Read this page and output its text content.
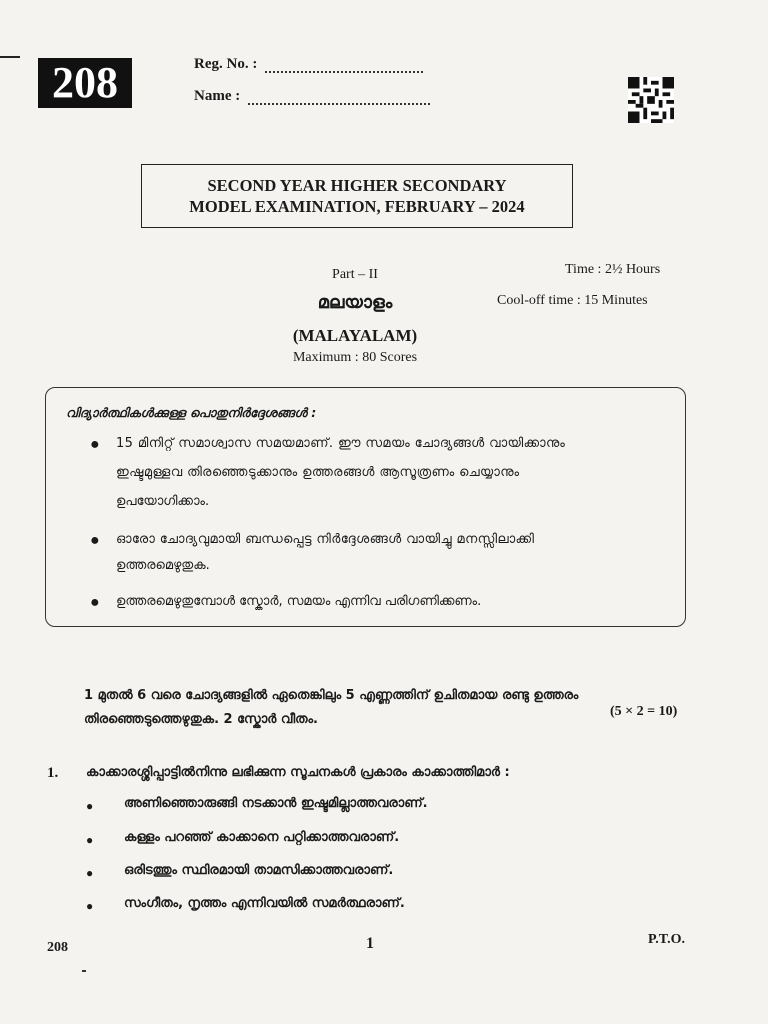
208	Reg. No. :
Name :
SECOND YEAR HIGHER SECONDARY
MODEL EXAMINATION, FEBRUARY – 2024
Part – II
മലയാളം
(MALAYALAM)
Maximum : 80 Scores
Time : 2½ Hours
Cool-off time : 15 Minutes
വിദ്യാർത്ഥികൾക്കുള്ള പൊതുനിർദ്ദേശങ്ങൾ :
● 15 മിനിറ്റ് സമാശ്വാസ സമയമാണ്. ഈ സമയം ചോദ്യങ്ങൾ വായിക്കാനും
ഇഷ്ടമുള്ളവ തിരഞ്ഞെടുക്കാനും ഉത്തരങ്ങൾ ആസൂത്രണം ചെയ്യാനും
ഉപയോഗിക്കാം.
● ഓരോ ചോദ്യവുമായി ബന്ധപ്പെട്ട നിർദ്ദേശങ്ങൾ വായിച്ചു മനസ്സിലാക്കി
ഉത്തരമെഴുതുക.
● ഉത്തരമെഴുതുമ്പോൾ സ്കോർ, സമയം എന്നിവ പരിഗണിക്കണം.
1 മുതൽ 6 വരെ ചോദ്യങ്ങളിൽ ഏതെങ്കിലും 5 എണ്ണത്തിന് ഉചിതമായ രണ്ടു ഉത്തരം
തിരഞ്ഞെടുത്തെഴുതുക. 2 സ്കോർ വീതം.
(5 × 2 = 10)
1. കാക്കാരശ്ശിപ്പാട്ടിൽനിന്നു ലഭിക്കുന്ന സൂചനകൾ പ്രകാരം കാക്കാത്തിമാർ :
● അണിഞ്ഞൊരുങ്ങി നടക്കാൻ ഇഷ്ടമില്ലാത്തവരാണ്.
● കള്ളം പറഞ്ഞ് കാക്കാനെ പറ്റിക്കാത്തവരാണ്.
● ഒരിടത്തും സ്ഥിരമായി താമസിക്കാത്തവരാണ്.
● സംഗീതം, നൃത്തം എന്നിവയിൽ സമർത്ഥരാണ്.
208	1	P.T.O.
